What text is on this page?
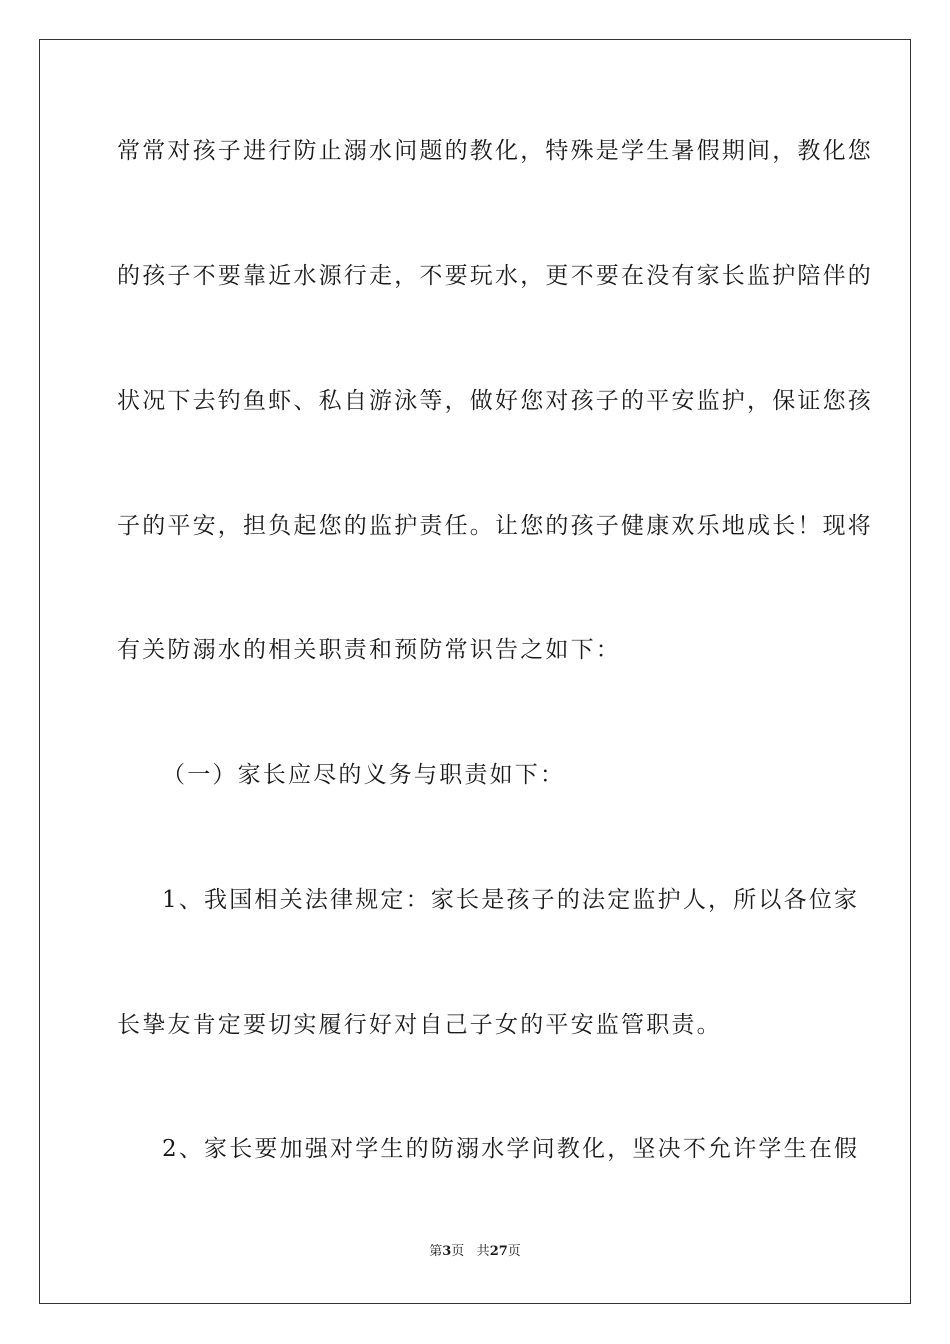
常常对孩子进行防止溺水问题的教化，特殊是学生暑假期间，教化您
的孩子不要靠近水源行走，不要玩水，更不要在没有家长监护陪伴的
状况下去钓鱼虾、私自游泳等，做好您对孩子的平安监护，保证您孩
子的平安，担负起您的监护责任。让您的孩子健康欢乐地成长！现将
有关防溺水的相关职责和预防常识告之如下：
（一）家长应尽的义务与职责如下：
1、我国相关法律规定：家长是孩子的法定监护人，所以各位家
长挚友肯定要切实履行好对自己子女的平安监管职责。
2、家长要加强对学生的防溺水学问教化，坚决不允许学生在假
第3页 共27页
